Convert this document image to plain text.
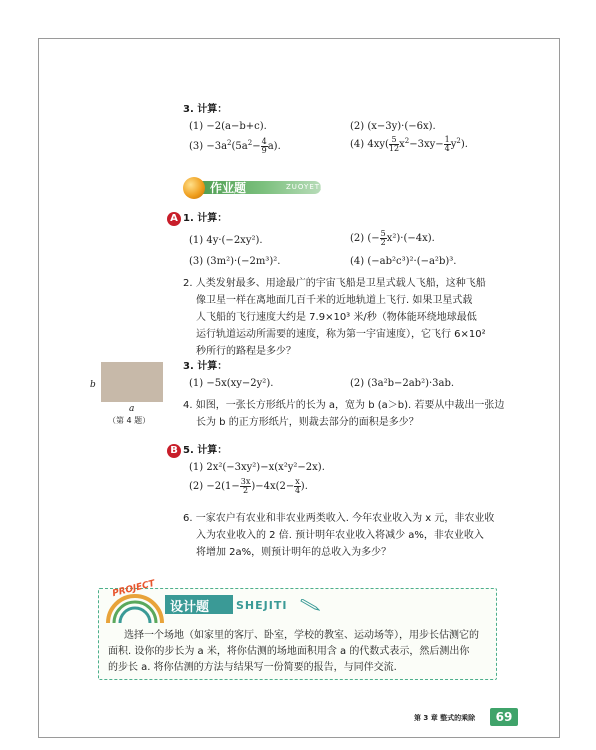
3. 计算：
(1) −2(a−b+c).	(2) (x−3y)·(−6x).
$(3) -3a^2(5a^2- \frac{4}{9} a)$.	(4) $4xy( \frac{5}{12} x^2-3xy- \frac{1}{4} y^2)$.
作业题	ZUOYETI
A 1. 计算：
(1) 4y·(−2xy²).	(2) (− $\frac{5}{2} x^2)\cdot(-4x)$.
(3) (3m²)·(−2m³)².	(4) (−ab²c³)²·(−a²b)³.
2. 人类发射最多、用途最广的宇宙飞船是卫星式载人飞船，这种飞船
像卫星一样在离地面几百千米的近地轨道上飞行. 如果卫星式载
人飞船的飞行速度大约是 7.9×10³ 米/秒（物体能环绕地球最低
运行轨道运动所需要的速度，称为第一宇宙速度），它飞行 6×10²
秒所行的路程是多少？
3. 计算：
(1) −5x(xy−2y²).	(2) (3a²b−2ab²)·3ab.
4. 如图，一张长方形纸片的长为 a，宽为 b (a＞b). 若要从中裁出一张边
长为 b 的正方形纸片，则裁去部分的面积是多少？
b
a
（第 4 题）
B 5. 计算：
(1) 2x²(−3xy²)−x(x²y²−2x).
$(2) -2(1- \frac{3x}{2} )-4x(2- \frac{x}{4}$ ).
6. 一家农户有农业和非农业两类收入. 今年农业收入为 x 元，非农业收
入为农业收入的 2 倍. 预计明年农业收入将减少 a%，非农业收入
将增加 2a%，则预计明年的总收入为多少？
PROJECT
设计题 SHEJITI
选择一个场地（如家里的客厅、卧室，学校的教室、运动场等），用步长估测它的
面积. 设你的步长为 a 米，将你估测的场地面积用含 a 的代数式表示，然后测出你
的步长 a. 将你估测的方法与结果写一份简要的报告，与同伴交流.
第 3 章 整式的乘除	69
